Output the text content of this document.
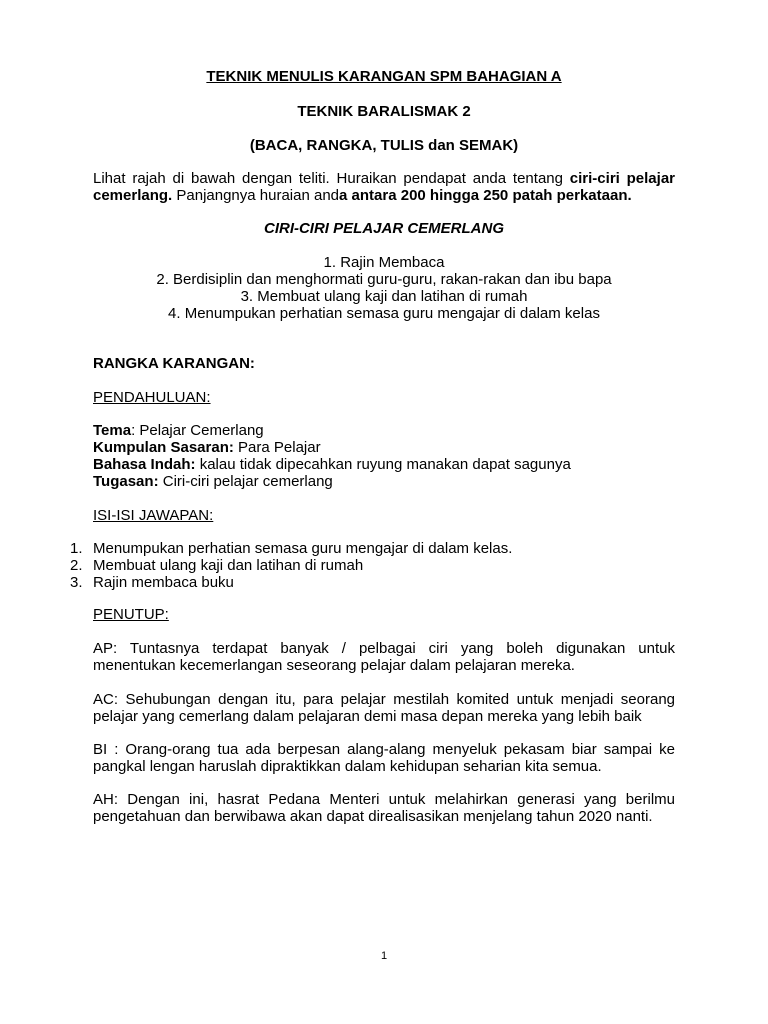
TEKNIK MENULIS KARANGAN SPM BAHAGIAN A
TEKNIK BARALISMAK 2
(BACA, RANGKA, TULIS dan SEMAK)
Lihat rajah di bawah dengan teliti. Huraikan pendapat anda tentang ciri-ciri pelajar
cemerlang. Panjangnya huraian anda antara 200 hingga 250 patah perkataan.
CIRI-CIRI PELAJAR CEMERLANG
1. Rajin Membaca
2. Berdisiplin dan menghormati guru-guru, rakan-rakan dan ibu bapa
3. Membuat ulang kaji dan latihan di rumah
4. Menumpukan perhatian semasa guru mengajar di dalam kelas
RANGKA KARANGAN:
PENDAHULUAN:
Tema: Pelajar Cemerlang
Kumpulan Sasaran: Para Pelajar
Bahasa Indah: kalau tidak dipecahkan ruyung manakan dapat sagunya
Tugasan: Ciri-ciri pelajar cemerlang
ISI-ISI JAWAPAN:
1. Menumpukan perhatian semasa guru mengajar di dalam kelas.
2. Membuat ulang kaji dan latihan di rumah
3. Rajin membaca buku
PENUTUP:
AP: Tuntasnya terdapat banyak / pelbagai ciri yang boleh digunakan untuk
menentukan kecemerlangan seseorang pelajar dalam pelajaran mereka.
AC: Sehubungan dengan itu, para pelajar mestilah komited untuk menjadi seorang
pelajar yang cemerlang dalam pelajaran demi masa depan mereka yang lebih baik
BI : Orang-orang tua ada berpesan alang-alang menyeluk pekasam biar sampai ke
pangkal lengan haruslah dipraktikkan dalam kehidupan seharian kita semua.
AH: Dengan ini, hasrat Pedana Menteri untuk melahirkan generasi yang berilmu
pengetahuan dan berwibawa akan dapat direalisasikan menjelang tahun 2020 nanti.
1
